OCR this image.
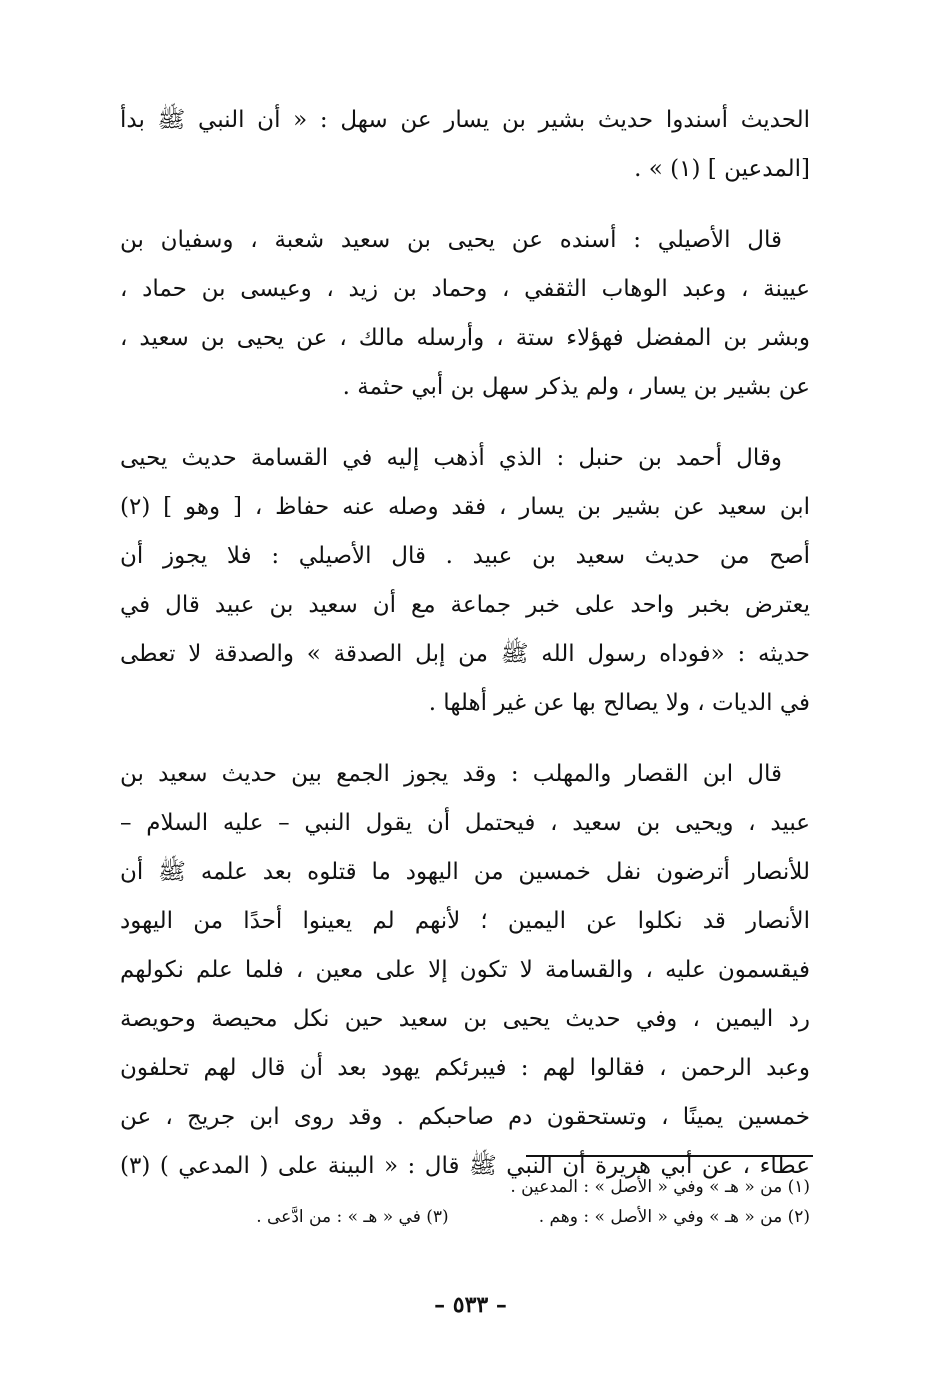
الحديث أسندوا حديث بشير بن يسار عن سهل : « أن النبي ﷺ بدأ
[المدعين ] (١) » .
قال الأصيلي : أسنده عن يحيى بن سعيد شعبة ، وسفيان بن
عيينة ، وعبد الوهاب الثقفي ، وحماد بن زيد ، وعيسى بن حماد ،
وبشر بن المفضل فهؤلاء ستة ، وأرسله مالك ، عن يحيى بن سعيد ،
عن بشير بن يسار ، ولم يذكر سهل بن أبي حثمة .
وقال أحمد بن حنبل : الذي أذهب إليه في القسامة حديث يحيى
ابن سعيد عن بشير بن يسار ، فقد وصله عنه حفاظ ، [ وهو ] (٢)
أصح من حديث سعيد بن عبيد . قال الأصيلي : فلا يجوز أن
يعترض بخبر واحد على خبر جماعة مع أن سعيد بن عبيد قال في
حديثه : «فوداه رسول الله ﷺ من إبل الصدقة » والصدقة لا تعطى
في الديات ، ولا يصالح بها عن غير أهلها .
قال ابن القصار والمهلب : وقد يجوز الجمع بين حديث سعيد بن
عبيد ، ويحيى بن سعيد ، فيحتمل أن يقول النبي – عليه السلام –
للأنصار أترضون نفل خمسين من اليهود ما قتلوه بعد علمه ﷺ أن
الأنصار قد نكلوا عن اليمين ؛ لأنهم لم يعينوا أحدًا من اليهود
فيقسمون عليه ، والقسامة لا تكون إلا على معين ، فلما علم نكولهم
رد اليمين ، وفي حديث يحيى بن سعيد حين نكل محيصة وحويصة
وعبد الرحمن ، فقالوا لهم : فيبرئكم يهود بعد أن قال لهم تحلفون
خمسين يمينًا ، وتستحقون دم صاحبكم . وقد روى ابن جريج ، عن
عطاء ، عن أبي هريرة أن النبي ﷺ قال : « البينة على ( المدعي ) (٣)
(١) من « هـ » وفي « الأصل » : المدعين .
(٢) من « هـ » وفي « الأصل » : وهم .
(٣) في « هـ » : من ادَّعى .
– ٥٣٣ –
